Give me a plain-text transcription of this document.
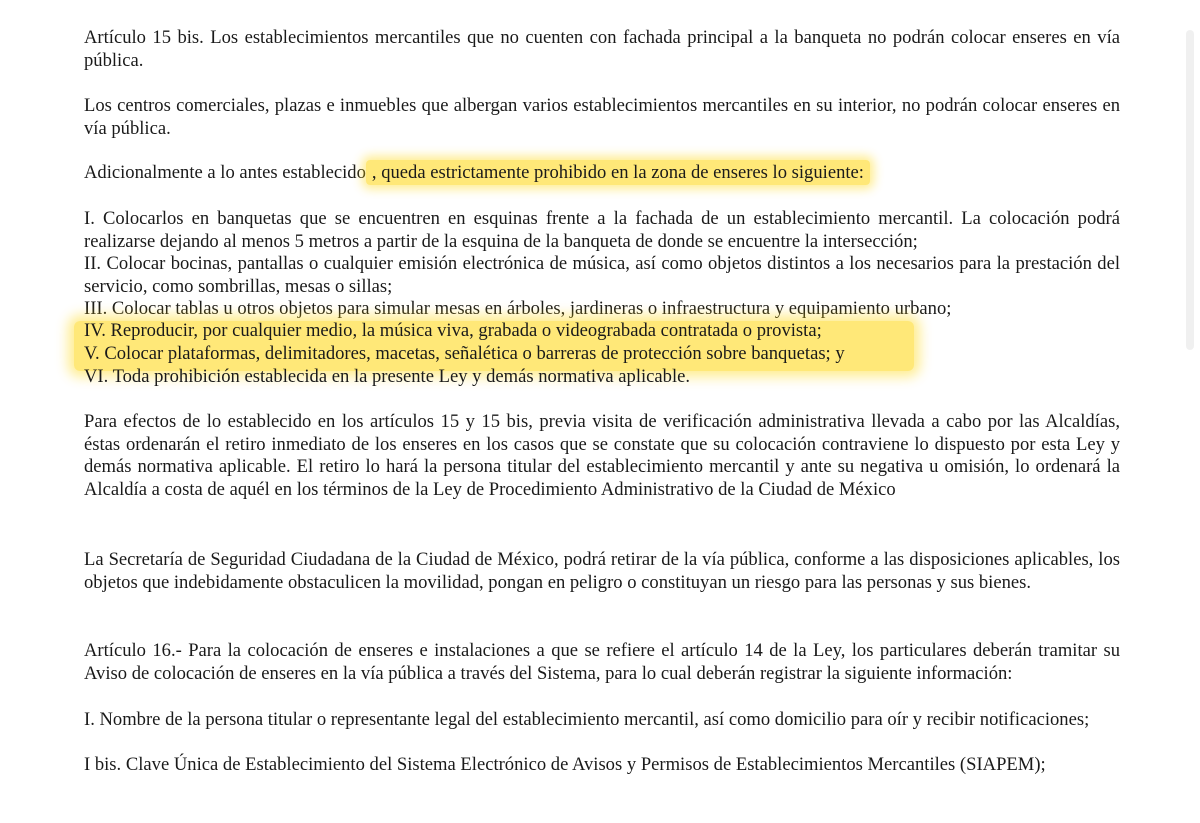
Artículo 15 bis. Los establecimientos mercantiles que no cuenten con fachada principal a la banqueta no podrán colocar enseres en vía pública.

Los centros comerciales, plazas e inmuebles que albergan varios establecimientos mercantiles en su interior, no podrán colocar enseres en vía pública.

Adicionalmente a lo antes establecido , queda estrictamente prohibido en la zona de enseres lo siguiente:

I. Colocarlos en banquetas que se encuentren en esquinas frente a la fachada de un establecimiento mercantil. La colocación podrá realizarse dejando al menos 5 metros a partir de la esquina de la banqueta de donde se encuentre la intersección;

II. Colocar bocinas, pantallas o cualquier emisión electrónica de música, así como objetos distintos a los necesarios para la prestación del servicio, como sombrillas, mesas o sillas;

III. Colocar tablas u otros objetos para simular mesas en árboles, jardineras o infraestructura y equipamiento urbano;

IV. Reproducir, por cualquier medio, la música viva, grabada o videograbada contratada o provista;

V. Colocar plataformas, delimitadores, macetas, señalética o barreras de protección sobre banquetas; y

VI. Toda prohibición establecida en la presente Ley y demás normativa aplicable.

Para efectos de lo establecido en los artículos 15 y 15 bis, previa visita de verificación administrativa llevada a cabo por las Alcaldías, éstas ordenarán el retiro inmediato de los enseres en los casos que se constate que su colocación contraviene lo dispuesto por esta Ley y demás normativa aplicable. El retiro lo hará la persona titular del establecimiento mercantil y ante su negativa u omisión, lo ordenará la Alcaldía a costa de aquél en los términos de la Ley de Procedimiento Administrativo de la Ciudad de México

La Secretaría de Seguridad Ciudadana de la Ciudad de México, podrá retirar de la vía pública, conforme a las disposiciones aplicables, los objetos que indebidamente obstaculicen la movilidad, pongan en peligro o constituyan un riesgo para las personas y sus bienes.

Artículo 16.- Para la colocación de enseres e instalaciones a que se refiere el artículo 14 de la Ley, los particulares deberán tramitar su Aviso de colocación de enseres en la vía pública a través del Sistema, para lo cual deberán registrar la siguiente información:

I. Nombre de la persona titular o representante legal del establecimiento mercantil, así como domicilio para oír y recibir notificaciones;

I bis. Clave Única de Establecimiento del Sistema Electrónico de Avisos y Permisos de Establecimientos Mercantiles (SIAPEM);
